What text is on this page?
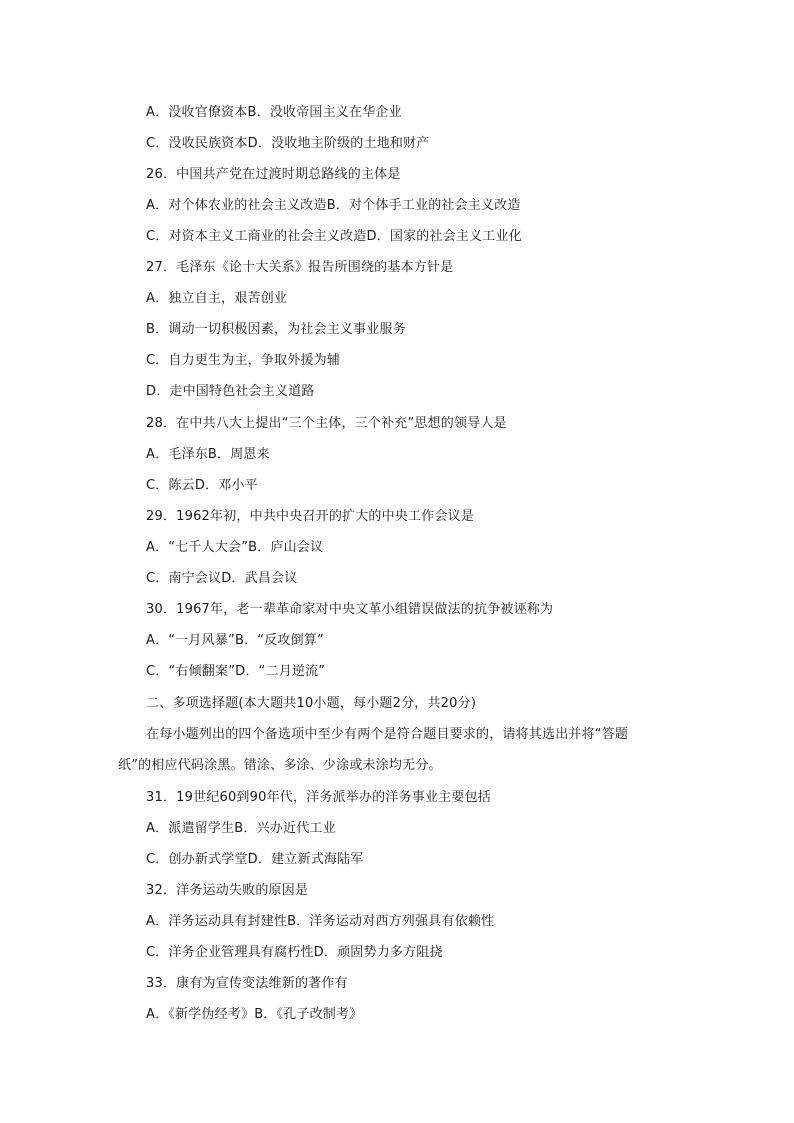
A．没收官僚资本B．没收帝国主义在华企业
C．没收民族资本D．没收地主阶级的土地和财产
26．中国共产党在过渡时期总路线的主体是
A．对个体农业的社会主义改造B．对个体手工业的社会主义改造
C．对资本主义工商业的社会主义改造D．国家的社会主义工业化
27．毛泽东《论十大关系》报告所围绕的基本方针是
A．独立自主，艰苦创业
B．调动一切积极因素，为社会主义事业服务
C．自力更生为主，争取外援为辅
D．走中国特色社会主义道路
28．在中共八大上提出“三个主体，三个补充”思想的领导人是
A．毛泽东B．周恩来
C．陈云D．邓小平
29．1962年初，中共中央召开的扩大的中央工作会议是
A．“七千人大会”B．庐山会议
C．南宁会议D．武昌会议
30．1967年，老一辈革命家对中央文革小组错误做法的抗争被诬称为
A．“一月风暴”B．“反攻倒算”
C．“右倾翻案”D．“二月逆流”
二、多项选择题(本大题共10小题，每小题2分，共20分)
在每小题列出的四个备选项中至少有两个是符合题目要求的，请将其选出并将“答题
纸”的相应代码涂黑。错涂、多涂、少涂或未涂均无分。
31．19世纪60到90年代，洋务派举办的洋务事业主要包括
A．派遣留学生B．兴办近代工业
C．创办新式学堂D．建立新式海陆军
32．洋务运动失败的原因是
A．洋务运动具有封建性B．洋务运动对西方列强具有依赖性
C．洋务企业管理具有腐朽性D．顽固势力多方阻挠
33．康有为宣传变法维新的著作有
A．《新学伪经考》B．《孔子改制考》
